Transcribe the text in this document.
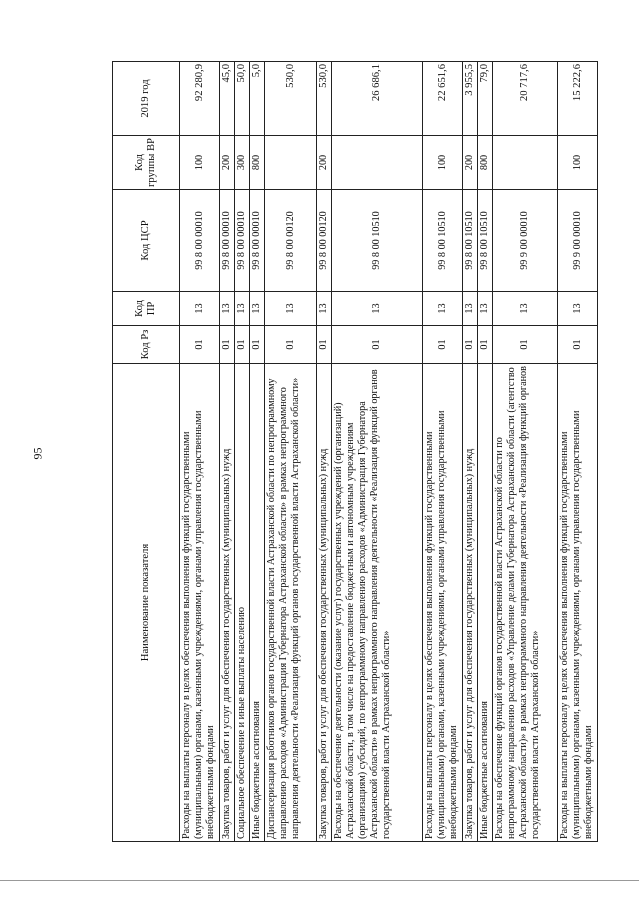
95
Наименование показателя	Код Рз	Код ПР	Код ЦСР	Код группы ВР	2019 год
Расходы на выплаты персоналу в целях обеспечения выполнения функций государственными (муниципальными) органами, казенными учреждениями, органами управления государственными внебюджетными фондами	01	13	99 8 00 00010	100	92 280,9
Закупка товаров, работ и услуг для обеспечения государственных (муниципальных) нужд	01	13	99 8 00 00010	200	45,0
Социальное обеспечение и иные выплаты населению	01	13	99 8 00 00010	300	50,0
Иные бюджетные ассигнования	01	13	99 8 00 00010	800	5,0
Диспансеризация работников органов государственной власти Астраханской области по непрограммному направлению расходов «Администрация Губернатора Астраханской области» в рамках непрограммного направления деятельности «Реализация функций органов государственной власти Астраханской области»	01	13	99 8 00 00120		530,0
Закупка товаров, работ и услуг для обеспечения государственных (муниципальных) нужд	01	13	99 8 00 00120	200	530,0
Расходы на обеспечение деятельности (оказание услуг) государственных учреждений (организаций) Астраханской области, в том числе на предоставление бюджетным и автономным учреждениям (организациям) субсидий, по непрограммному направлению расходов «Администрация Губернатора Астраханской области» в рамках непрограммного направления деятельности «Реализация функций органов государственной власти Астраханской области»	01	13	99 8 00 10510		26 686,1
Расходы на выплаты персоналу в целях обеспечения выполнения функций государственными (муниципальными) органами, казенными учреждениями, органами управления государственными внебюджетными фондами	01	13	99 8 00 10510	100	22 651,6
Закупка товаров, работ и услуг для обеспечения государственных (муниципальных) нужд	01	13	99 8 00 10510	200	3 955,5
Иные бюджетные ассигнования	01	13	99 8 00 10510	800	79,0
Расходы на обеспечение функций органов государственной власти Астраханской области по непрограммному направлению расходов «Управление делами Губернатора Астраханской области (агентство Астраханской области)» в рамках непрограммного направления деятельности «Реализация функций органов государственной власти Астраханской области»	01	13	99 9 00 00010		20 717,6
Расходы на выплаты персоналу в целях обеспечения выполнения функций государственными (муниципальными) органами, казенными учреждениями, органами управления государственными внебюджетными фондами	01	13	99 9 00 00010	100	15 222,6
